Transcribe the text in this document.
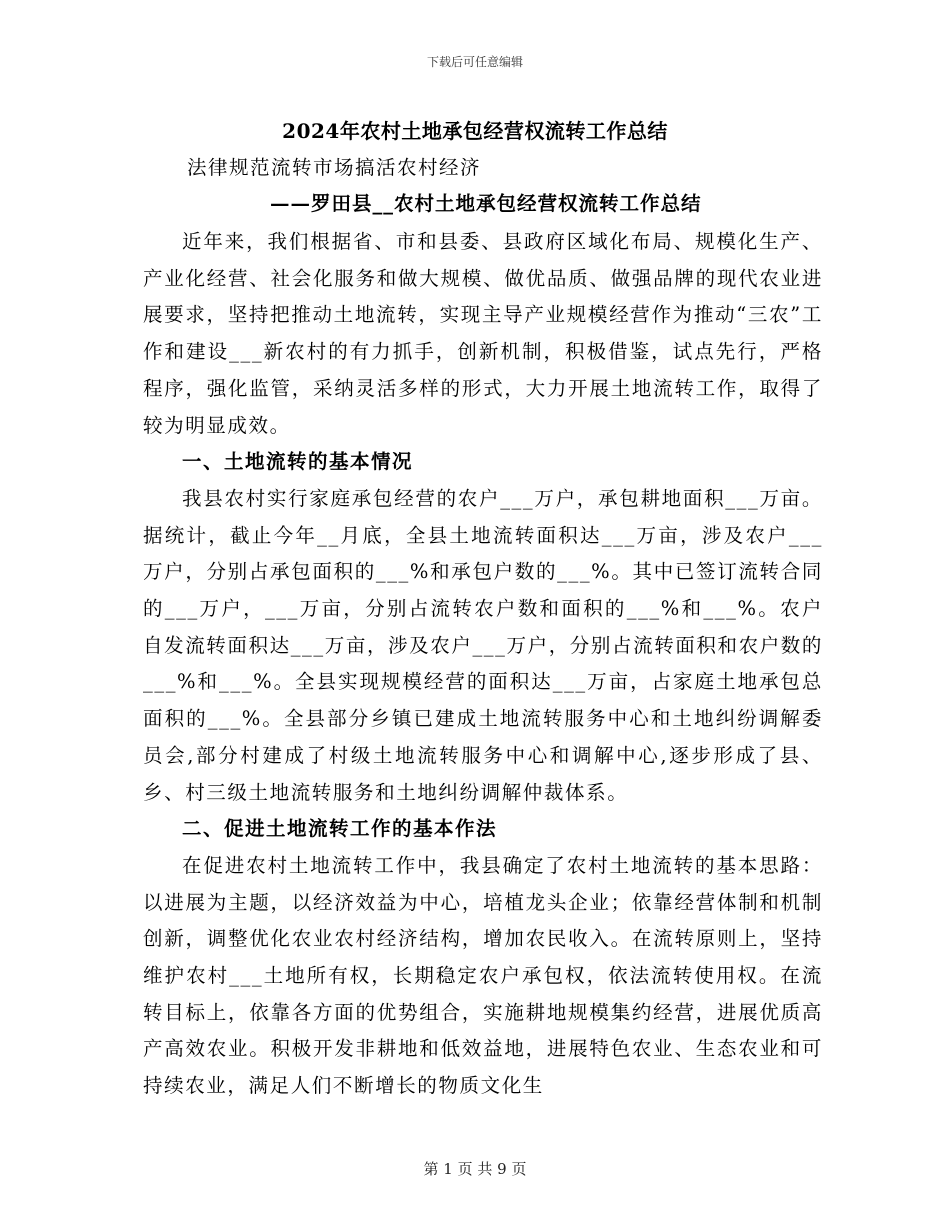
下载后可任意编辑
2024年农村土地承包经营权流转工作总结
法律规范流转市场搞活农村经济
——罗田县__农村土地承包经营权流转工作总结

近年来，我们根据省、市和县委、县政府区域化布局、规模化生产、产业化经营、社会化服务和做大规模、做优品质、做强品牌的现代农业进展要求，坚持把推动土地流转，实现主导产业规模经营作为推动“三农”工作和建设___新农村的有力抓手，创新机制，积极借鉴，试点先行，严格程序，强化监管，采纳灵活多样的形式，大力开展土地流转工作，取得了较为明显成效。

一、土地流转的基本情况

我县农村实行家庭承包经营的农户___万户，承包耕地面积___万亩。据统计，截止今年__月底，全县土地流转面积达___万亩，涉及农户___万户，分别占承包面积的___%和承包户数的___%。其中已签订流转合同的___万户，___万亩，分别占流转农户数和面积的___%和___%。农户自发流转面积达___万亩，涉及农户___万户，分别占流转面积和农户数的___%和___%。全县实现规模经营的面积达___万亩，占家庭土地承包总面积的___%。全县部分乡镇已建成土地流转服务中心和土地纠纷调解委员会,部分村建成了村级土地流转服务中心和调解中心,逐步形成了县、乡、村三级土地流转服务和土地纠纷调解仲裁体系。

二、促进土地流转工作的基本作法

在促进农村土地流转工作中，我县确定了农村土地流转的基本思路：以进展为主题，以经济效益为中心，培植龙头企业；依靠经营体制和机制创新，调整优化农业农村经济结构，增加农民收入。在流转原则上，坚持维护农村___土地所有权，长期稳定农户承包权，依法流转使用权。在流转目标上，依靠各方面的优势组合，实施耕地规模集约经营，进展优质高产高效农业。积极开发非耕地和低效益地，进展特色农业、生态农业和可持续农业，满足人们不断增长的物质文化生

第 1 页 共 9 页
